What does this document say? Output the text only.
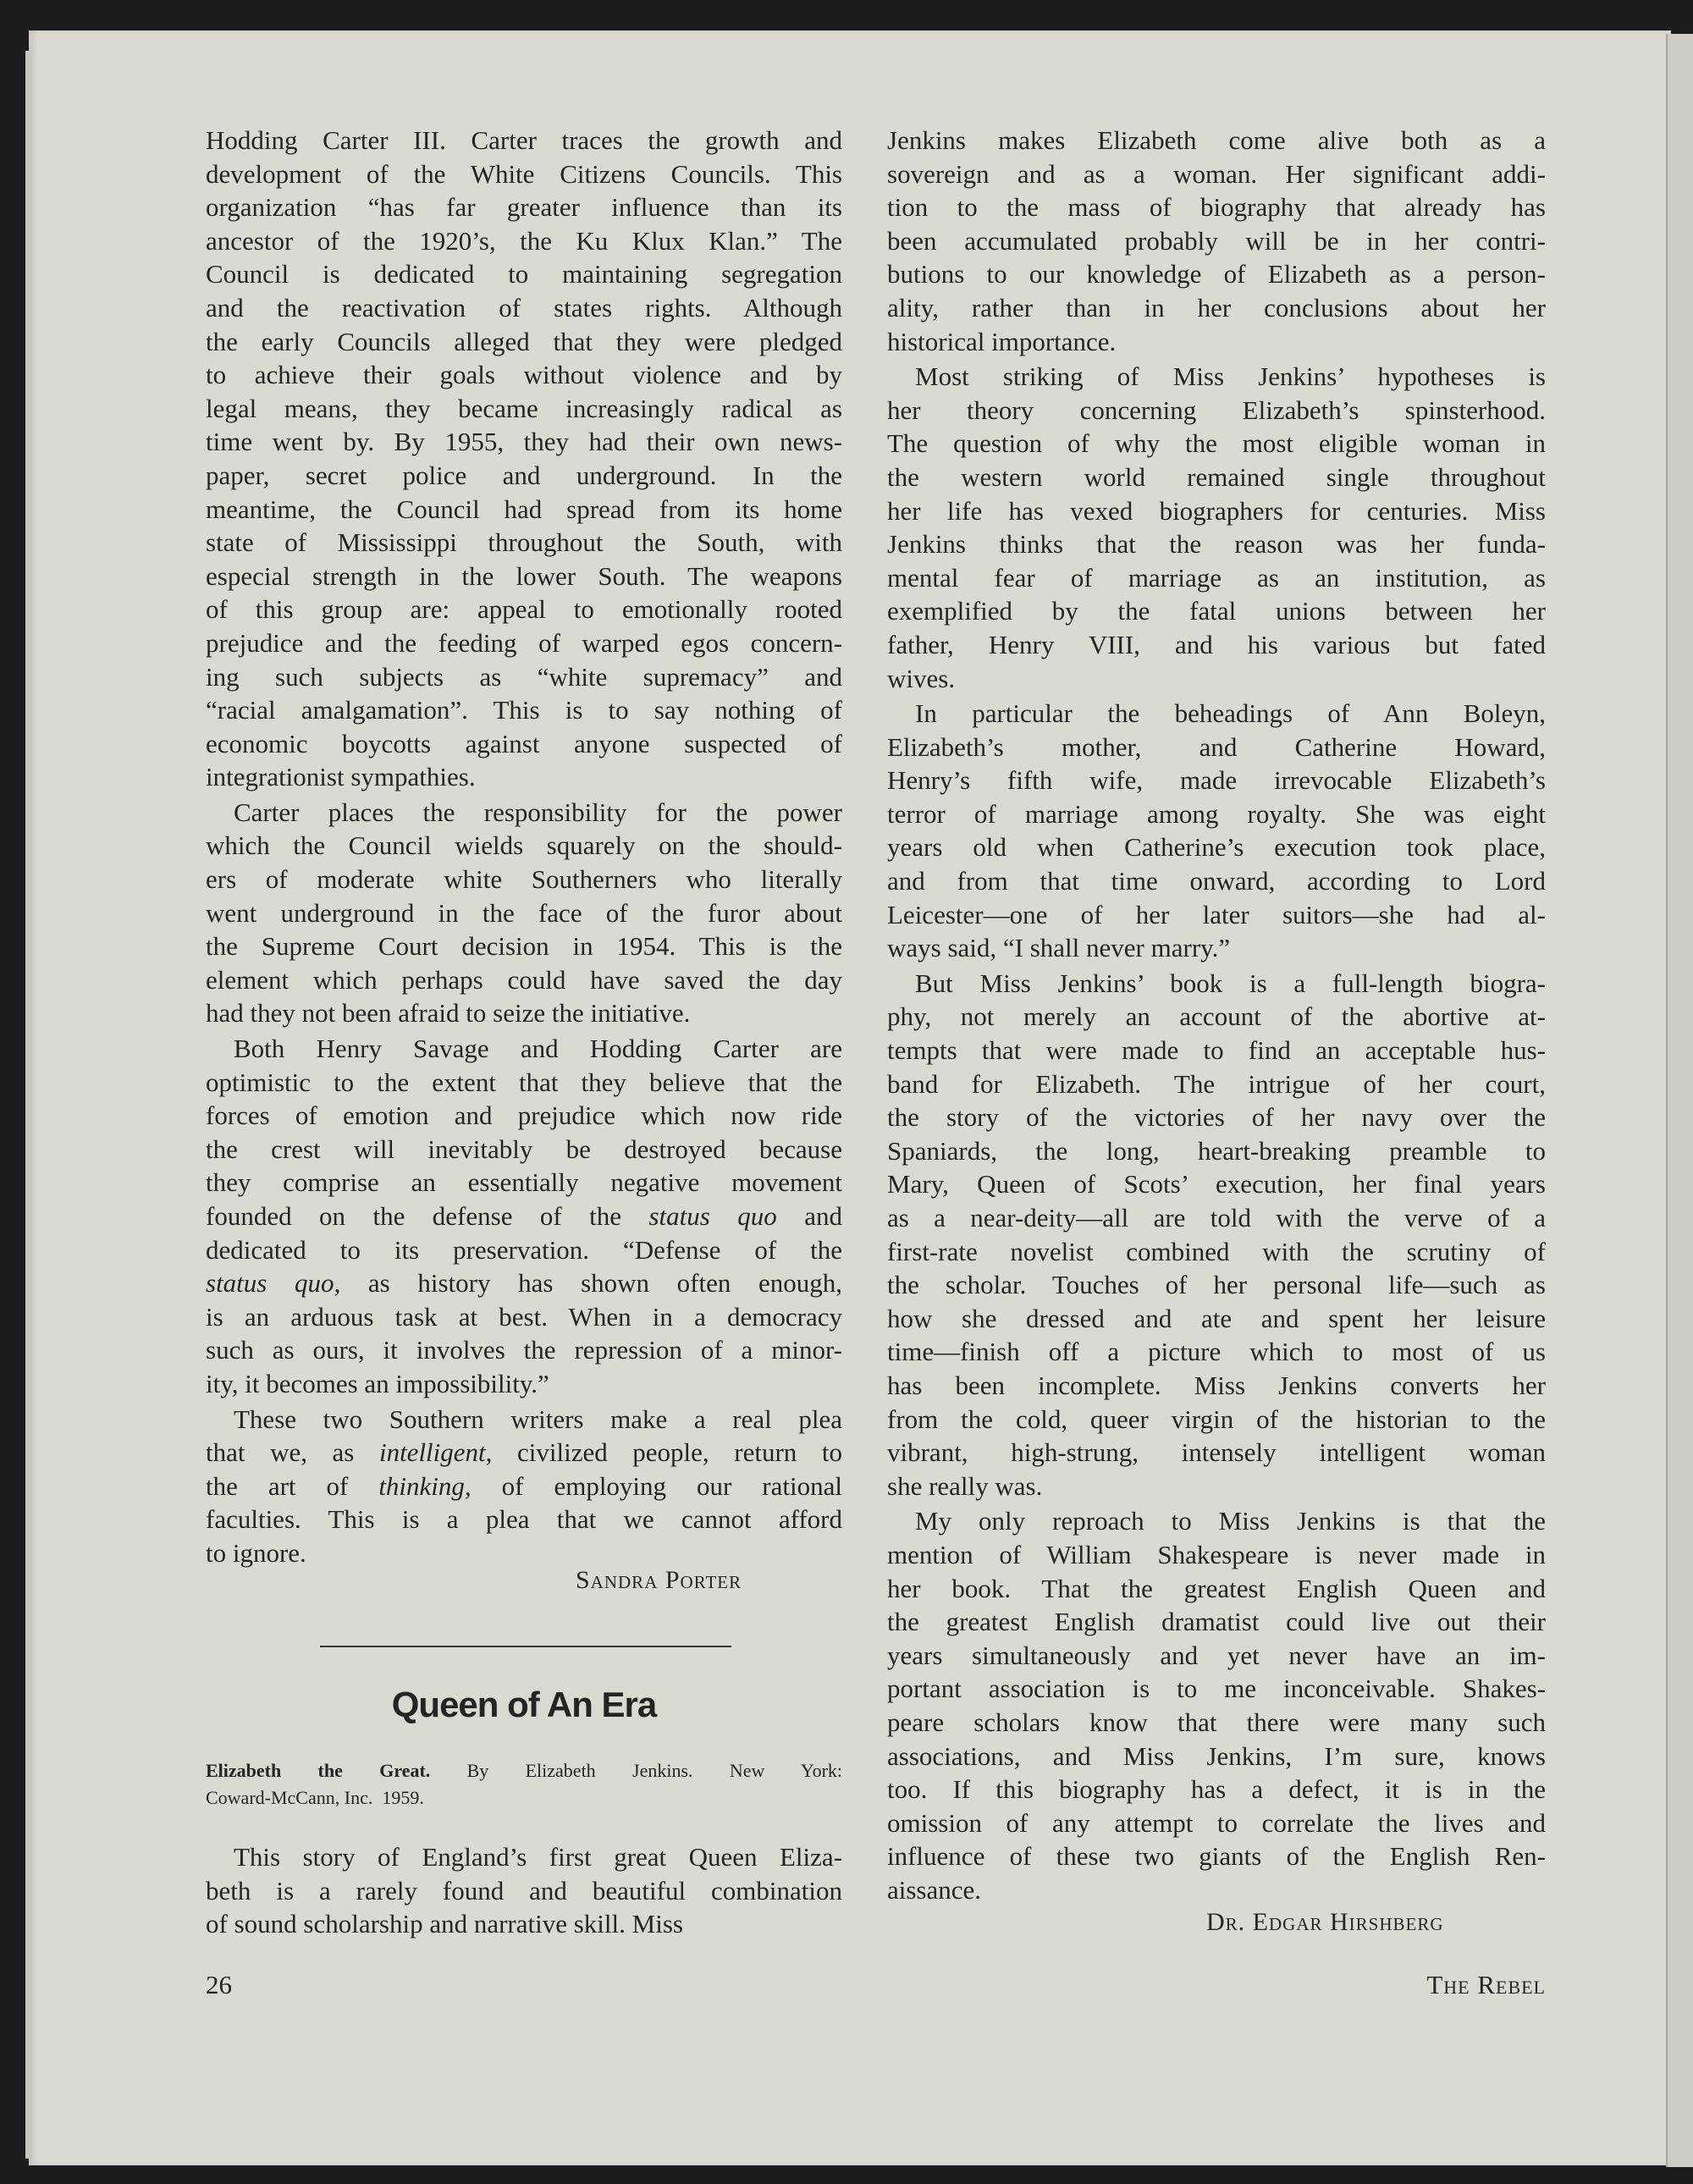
Hodding Carter III. Carter traces the growth and
development of the White Citizens Councils. This
organization “has far greater influence than its
ancestor of the 1920’s, the Ku Klux Klan.” The
Council is dedicated to maintaining segregation
and the reactivation of states rights. Although
the early Councils alleged that they were pledged
to achieve their goals without violence and by
legal means, they became increasingly radical as
time went by. By 1955, they had their own news-
paper, secret police and underground. In the
meantime, the Council had spread from its home
state of Mississippi throughout the South, with
especial strength in the lower South. The weapons
of this group are: appeal to emotionally rooted
prejudice and the feeding of warped egos concern-
ing such subjects as “white supremacy” and
“racial amalgamation”. This is to say nothing of
economic boycotts against anyone suspected of
integrationist sympathies.
Carter places the responsibility for the power
which the Council wields squarely on the should-
ers of moderate white Southerners who literally
went underground in the face of the furor about
the Supreme Court decision in 1954. This is the
element which perhaps could have saved the day
had they not been afraid to seize the initiative.
Both Henry Savage and Hodding Carter are
optimistic to the extent that they believe that the
forces of emotion and prejudice which now ride
the crest will inevitably be destroyed because
they comprise an essentially negative movement
founded on the defense of the status quo and
dedicated to its preservation. “Defense of the
status quo, as history has shown often enough,
is an arduous task at best. When in a democracy
such as ours, it involves the repression of a minor-
ity, it becomes an impossibility.”
These two Southern writers make a real plea
that we, as intelligent, civilized people, return to
the art of thinking, of employing our rational
faculties. This is a plea that we cannot afford
to ignore.
Sandra Porter
Queen of An Era
Elizabeth the Great. By Elizabeth Jenkins. New York:
Coward-McCann, Inc.  1959.
This story of England’s first great Queen Eliza-
beth is a rarely found and beautiful combination
of sound scholarship and narrative skill. Miss
Jenkins makes Elizabeth come alive both as a
sovereign and as a woman. Her significant addi-
tion to the mass of biography that already has
been accumulated probably will be in her contri-
butions to our knowledge of Elizabeth as a person-
ality, rather than in her conclusions about her
historical importance.
Most striking of Miss Jenkins’ hypotheses is
her theory concerning Elizabeth’s spinsterhood.
The question of why the most eligible woman in
the western world remained single throughout
her life has vexed biographers for centuries. Miss
Jenkins thinks that the reason was her funda-
mental fear of marriage as an institution, as
exemplified by the fatal unions between her
father, Henry VIII, and his various but fated
wives.
In particular the beheadings of Ann Boleyn,
Elizabeth’s mother, and Catherine Howard,
Henry’s fifth wife, made irrevocable Elizabeth’s
terror of marriage among royalty. She was eight
years old when Catherine’s execution took place,
and from that time onward, according to Lord
Leicester—one of her later suitors—she had al-
ways said, “I shall never marry.”
But Miss Jenkins’ book is a full-length biogra-
phy, not merely an account of the abortive at-
tempts that were made to find an acceptable hus-
band for Elizabeth. The intrigue of her court,
the story of the victories of her navy over the
Spaniards, the long, heart-breaking preamble to
Mary, Queen of Scots’ execution, her final years
as a near-deity—all are told with the verve of a
first-rate novelist combined with the scrutiny of
the scholar. Touches of her personal life—such as
how she dressed and ate and spent her leisure
time—finish off a picture which to most of us
has been incomplete. Miss Jenkins converts her
from the cold, queer virgin of the historian to the
vibrant, high-strung, intensely intelligent woman
she really was.
My only reproach to Miss Jenkins is that the
mention of William Shakespeare is never made in
her book. That the greatest English Queen and
the greatest English dramatist could live out their
years simultaneously and yet never have an im-
portant association is to me inconceivable. Shakes-
peare scholars know that there were many such
associations, and Miss Jenkins, I’m sure, knows
too. If this biography has a defect, it is in the
omission of any attempt to correlate the lives and
influence of these two giants of the English Ren-
aissance.
Dr. Edgar Hirshberg
26	The Rebel
